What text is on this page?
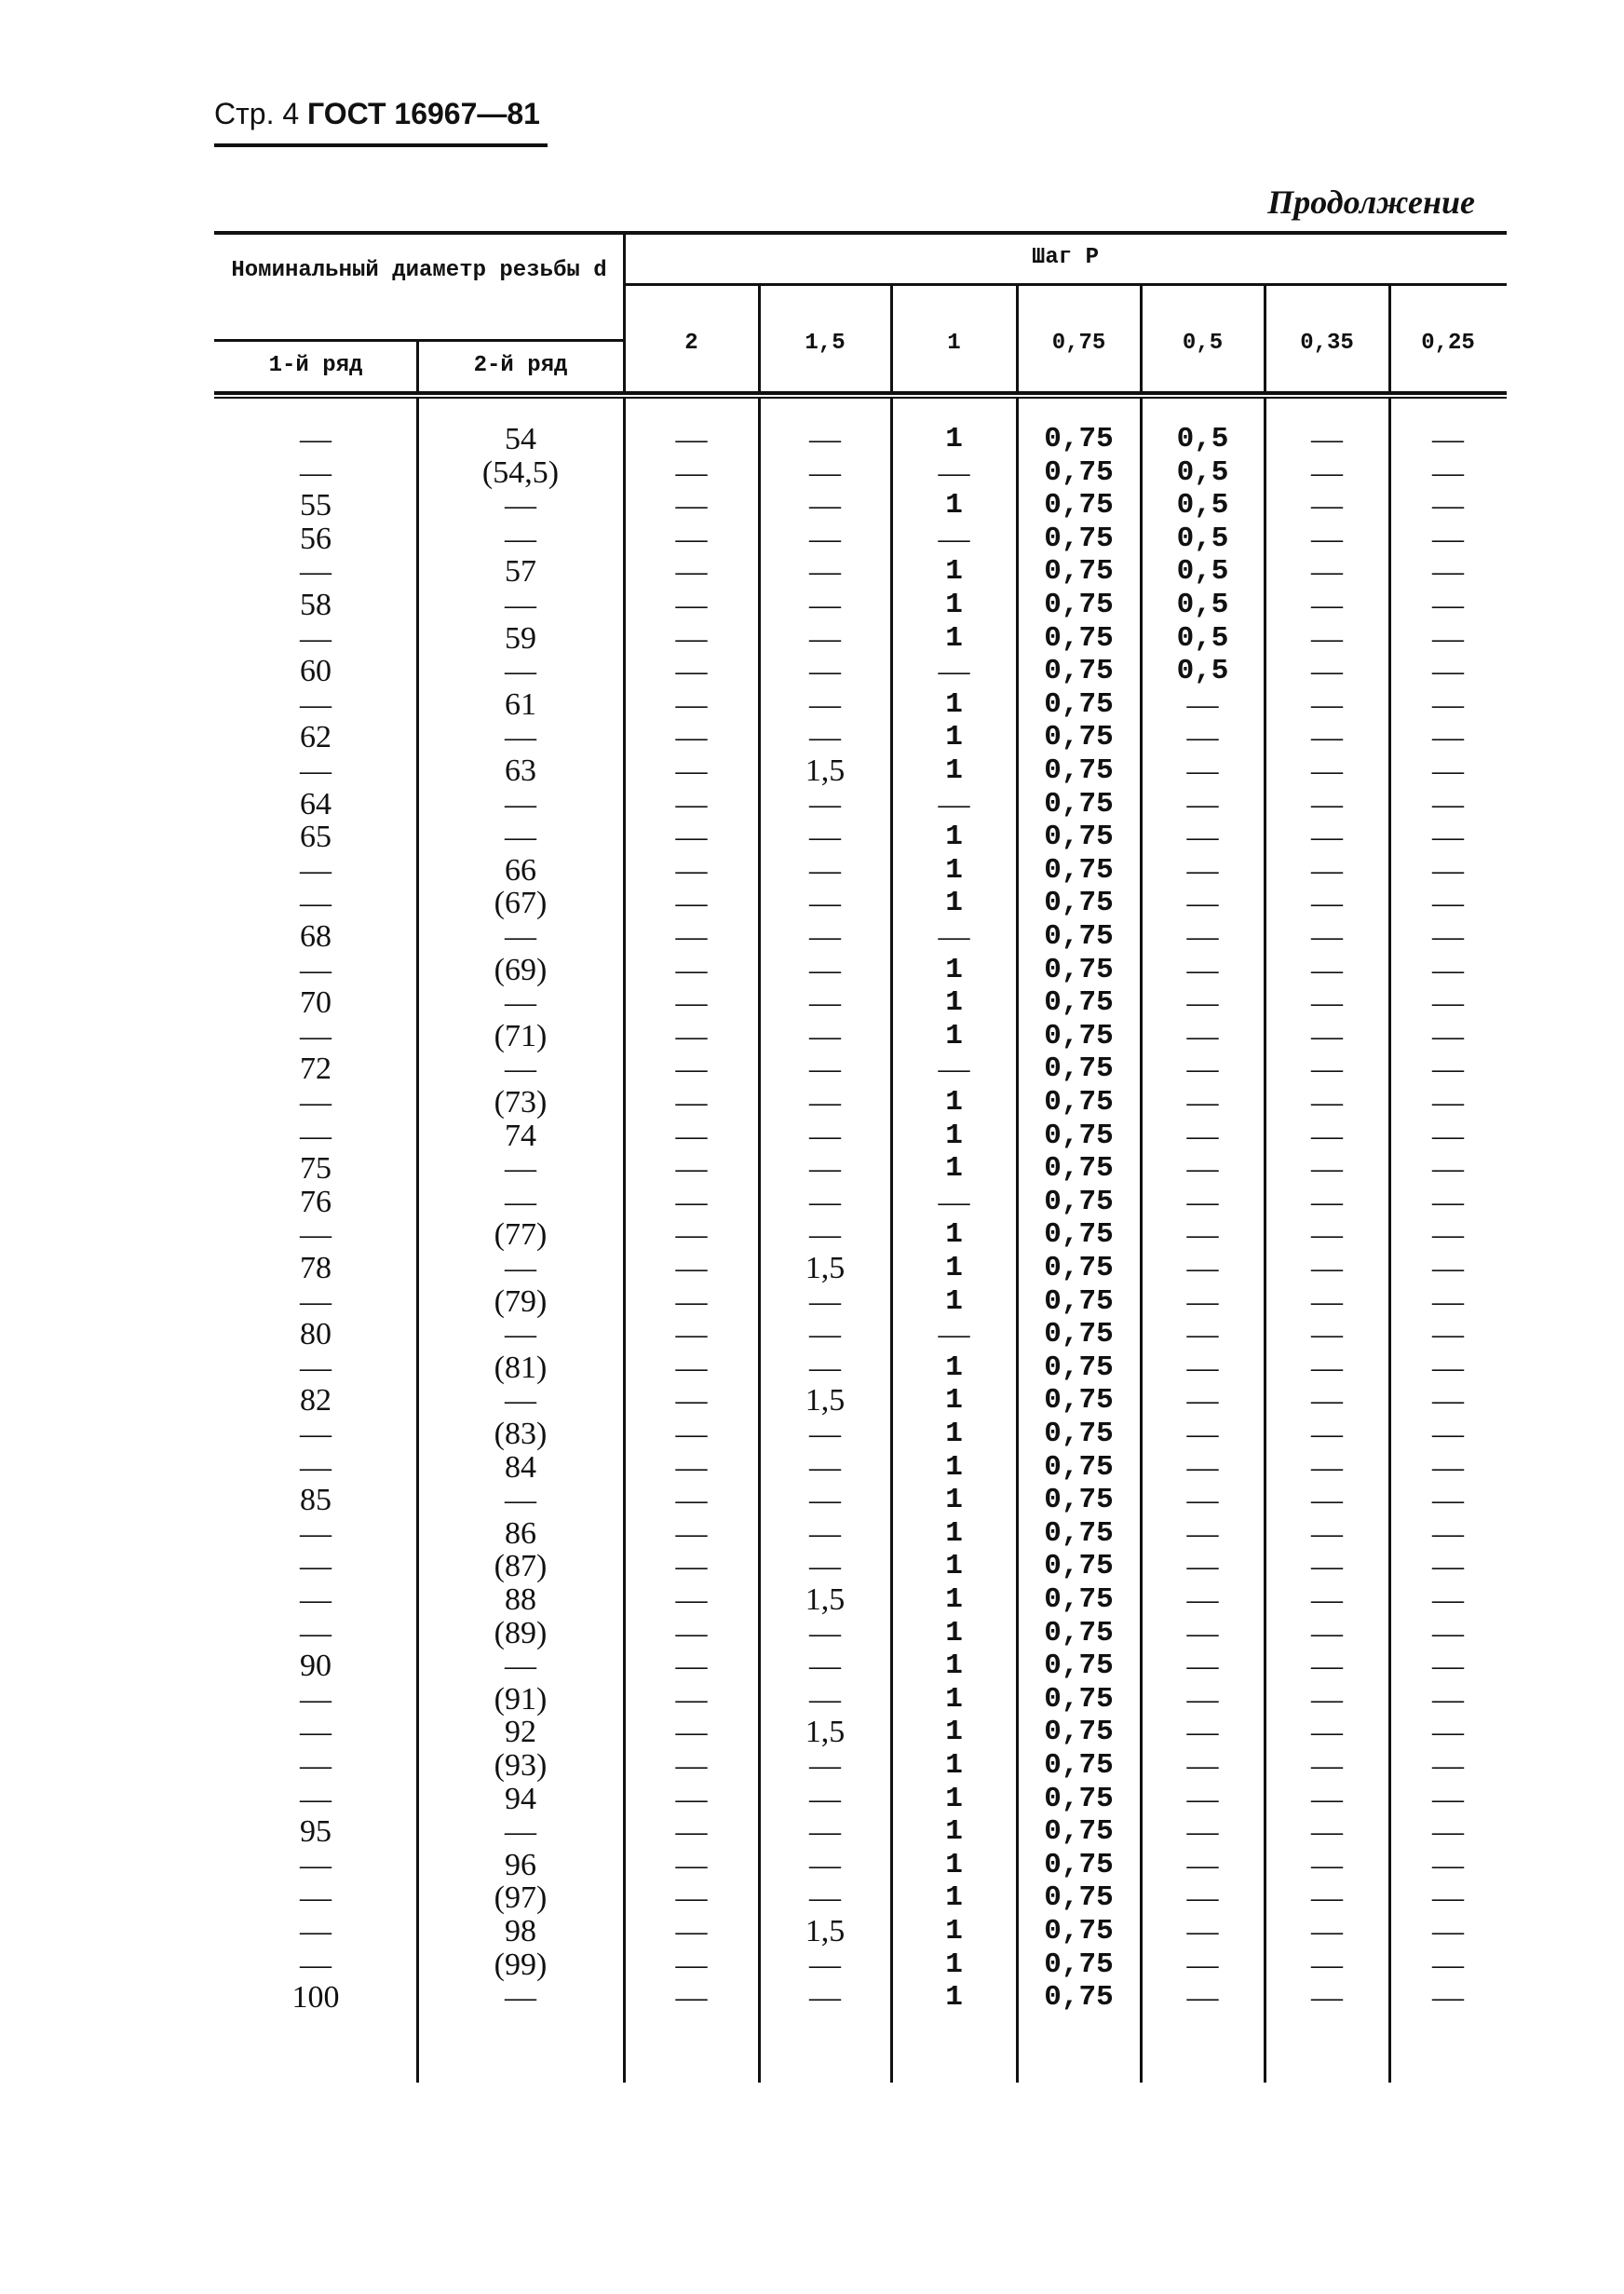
Стр. 4 ГОСТ 16967—81
Продолжение
Номинальный диаметр резьбы d
1-й ряд	2-й ряд
Шаг P
2	1,5	1	0,75	0,5	0,35	0,25
—	54	—	—	1	0,75	0,5	—	—
—	(54,5)	—	—	—	0,75	0,5	—	—
55	—	—	—	1	0,75	0,5	—	—
56	—	—	—	—	0,75	0,5	—	—
—	57	—	—	1	0,75	0,5	—	—
58	—	—	—	1	0,75	0,5	—	—
—	59	—	—	1	0,75	0,5	—	—
60	—	—	—	—	0,75	0,5	—	—
—	61	—	—	1	0,75	—	—	—
62	—	—	—	1	0,75	—	—	—
—	63	—	1,5	1	0,75	—	—	—
64	—	—	—	—	0,75	—	—	—
65	—	—	—	1	0,75	—	—	—
—	66	—	—	1	0,75	—	—	—
—	(67)	—	—	1	0,75	—	—	—
68	—	—	—	—	0,75	—	—	—
—	(69)	—	—	1	0,75	—	—	—
70	—	—	—	1	0,75	—	—	—
—	(71)	—	—	1	0,75	—	—	—
72	—	—	—	—	0,75	—	—	—
—	(73)	—	—	1	0,75	—	—	—
—	74	—	—	1	0,75	—	—	—
75	—	—	—	1	0,75	—	—	—
76	—	—	—	—	0,75	—	—	—
—	(77)	—	—	1	0,75	—	—	—
78	—	—	1,5	1	0,75	—	—	—
—	(79)	—	—	1	0,75	—	—	—
80	—	—	—	—	0,75	—	—	—
—	(81)	—	—	1	0,75	—	—	—
82	—	—	1,5	1	0,75	—	—	—
—	(83)	—	—	1	0,75	—	—	—
—	84	—	—	1	0,75	—	—	—
85	—	—	—	1	0,75	—	—	—
—	86	—	—	1	0,75	—	—	—
—	(87)	—	—	1	0,75	—	—	—
—	88	—	1,5	1	0,75	—	—	—
—	(89)	—	—	1	0,75	—	—	—
90	—	—	—	1	0,75	—	—	—
—	(91)	—	—	1	0,75	—	—	—
—	92	—	1,5	1	0,75	—	—	—
—	(93)	—	—	1	0,75	—	—	—
—	94	—	—	1	0,75	—	—	—
95	—	—	—	1	0,75	—	—	—
—	96	—	—	1	0,75	—	—	—
—	(97)	—	—	1	0,75	—	—	—
—	98	—	1,5	1	0,75	—	—	—
—	(99)	—	—	1	0,75	—	—	—
100	—	—	—	1	0,75	—	—	—
